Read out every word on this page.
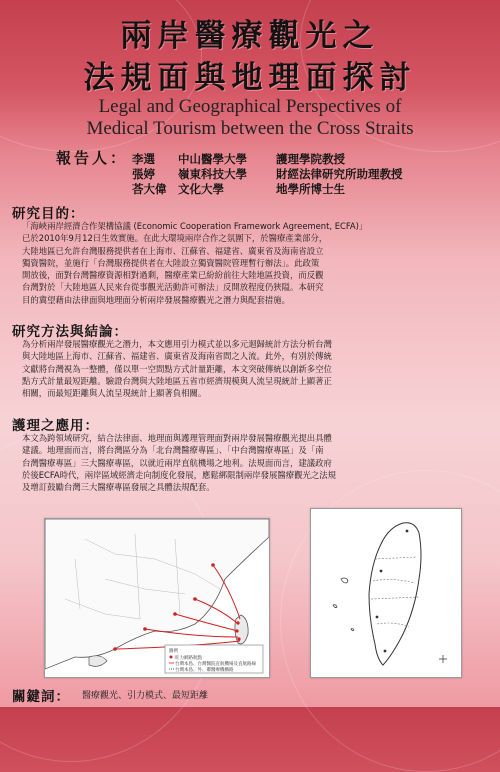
兩岸醫療觀光之
法規面與地理面探討
Legal and Geographical Perspectives of
Medical Tourism between the Cross Straits
報告人： 李選 中山醫學大學	護理學院教授
張婷 嶺東科技大學	財經法律研究所助理教授
荅大偉 文化大學	地學所博士生
研究目的：
「海峽兩岸經濟合作架構協議 (Economic Cooperation Framework Agreement, ECFA)」
已於2010年9月12日生效實施。在此大環境兩岸合作之氛圍下，於醫療產業部分，
大陸地區已允許台灣服務提供者在上海市、江蘇省、福建省、廣東省及海南省設立
獨資醫院，並施行「台灣服務提供者在大陸設立獨資醫院管理暫行辦法」。此政策
開放後，面對台灣醫療資源相對過剩，醫療產業已紛紛前往大陸地區投資，而反觀
台灣對於「大陸地區人民來台從事觀光活動許可辦法」反開放程度仍狹隘。本研究
目的冀望藉由法律面與地理面分析兩岸發展醫療觀光之潛力與配套措施。
研究方法與結論：
為分析兩岸發展醫療觀光之潛力，本文應用引力模式並以多元迴歸統計方法分析台灣
與大陸地區上海市、江蘇省、福建省、廣東省及海南省間之人流。此外，有別於傳統
文獻將台灣視為一整體，僅以單一空間點方式計量距離，本文突破傳統以創新多空位
點方式計量最短距離。驗證台灣與大陸地區五省市經濟規模與人流呈現統計上顯著正
相關，而最短距離與人流呈現統計上顯著負相關。
護理之應用：
本文為跨領域研究，結合法律面、地理面與護理管理面對兩岸發展醫療觀光提出具體
建議。地理面而言，將台灣區分為「北台灣醫療專區」、「中台灣醫療專區」及「南
台灣醫療專區」三大醫療專區，以就近兩岸直航機場之地利。法規面而言，建議政府
於後ECFA時代，兩岸區域經濟走向制度化發展，應鬆綁限制兩岸發展醫療觀光之法規
及增訂鼓勵台灣三大醫療專區發展之具體法規配套。
圖例
旺力網路航點
台灣本島、台灣醫院直航機場及直航路線
台灣本島、外、鄰醫療機構路
關鍵詞： 醫療觀光、引力模式、最短距離
